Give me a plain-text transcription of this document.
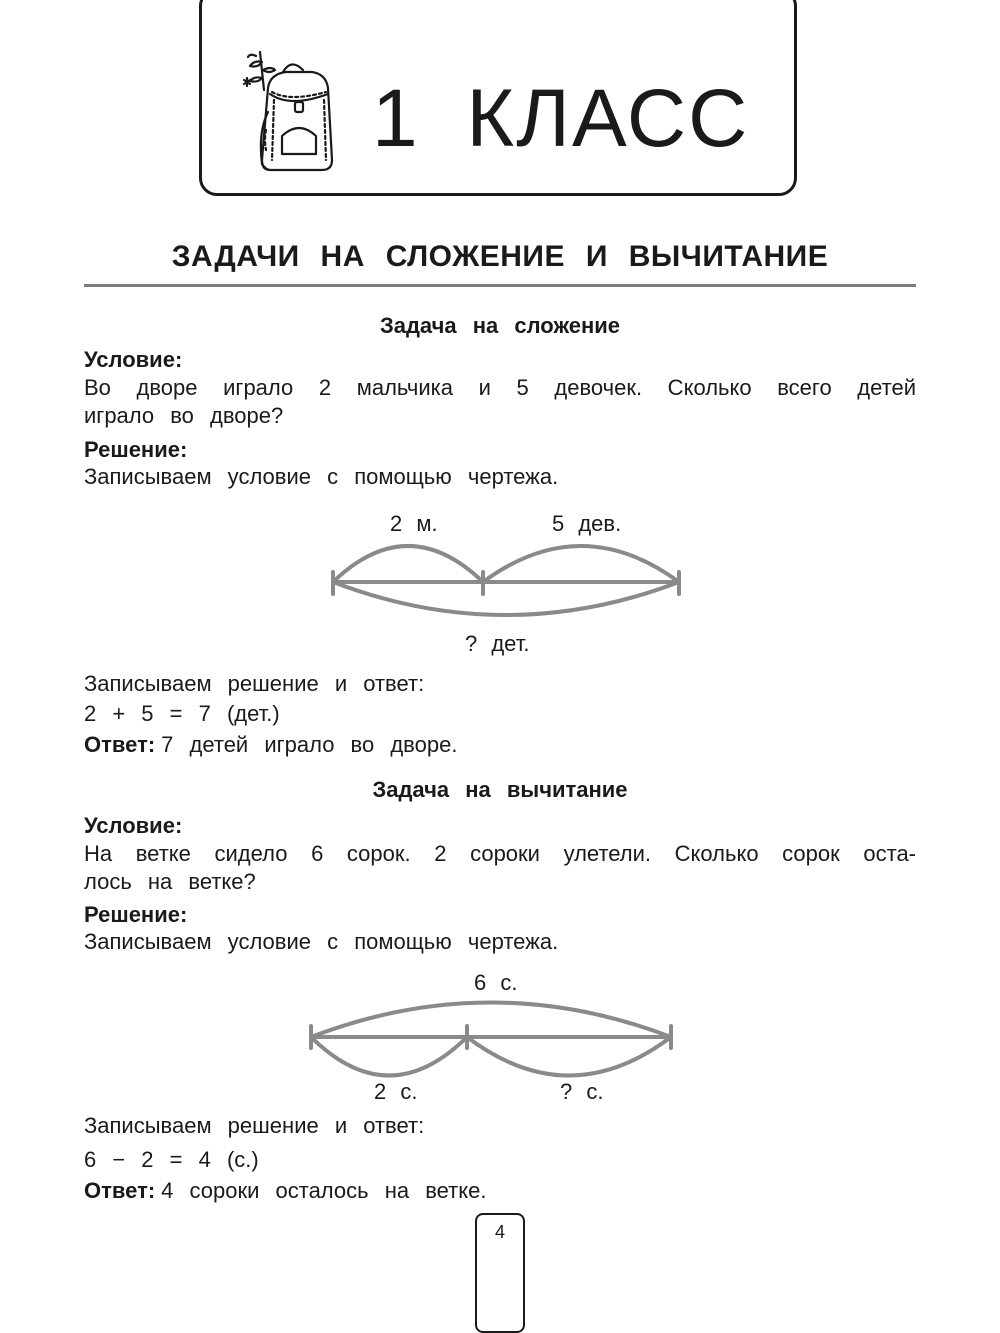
1 КЛАСС
ЗАДАЧИ НА СЛОЖЕНИЕ И ВЫЧИТАНИЕ
Задача на сложение
Условие:
Во дворе играло 2 мальчика и 5 девочек. Сколько всего детей
играло во дворе?
Решение:
Записываем условие с помощью чертежа.
2 м.	5 дев.
? дет.
Записываем решение и ответ:
2 + 5 = 7 (дет.)
Ответ: 7 детей играло во дворе.
Задача на вычитание
Условие:
На ветке сидело 6 сорок. 2 сороки улетели. Сколько сорок оста-
лось на ветке?
Решение:
Записываем условие с помощью чертежа.
6 с.
2 с.	? с.
Записываем решение и ответ:
6 − 2 = 4 (с.)
Ответ: 4 сороки осталось на ветке.
4
